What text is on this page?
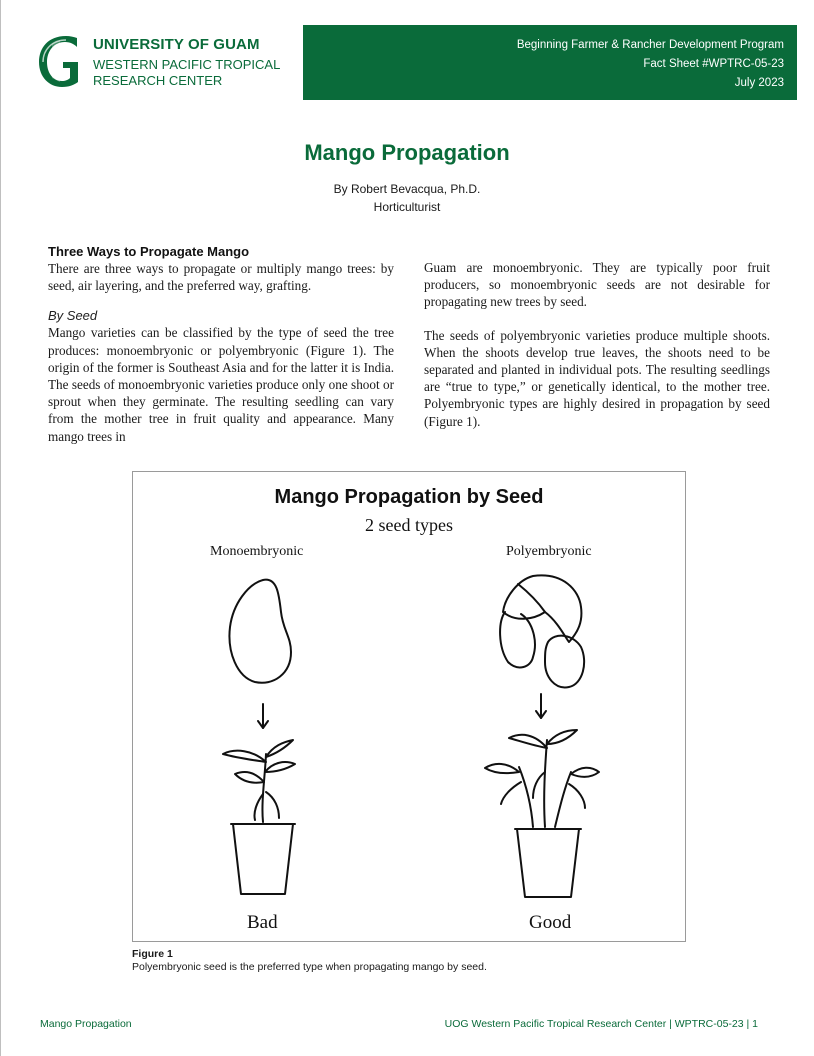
UNIVERSITY OF GUAM
WESTERN PACIFIC TROPICAL
RESEARCH CENTER
Beginning Farmer & Rancher Development Program
Fact Sheet #WPTRC-05-23
July 2023
Mango Propagation
By Robert Bevacqua, Ph.D.
Horticulturist
Three Ways to Propagate Mango

There are three ways to propagate or multiply mango trees: by seed, air layering, and the preferred way, grafting.

By Seed

Mango varieties can be classified by the type of seed the tree produces: monoembryonic or polyembryonic (Figure 1). The origin of the former is Southeast Asia and for the latter it is India. The seeds of monoembryonic varieties produce only one shoot or sprout when they germinate. The resulting seedling can vary from the mother tree in fruit quality and appearance. Many mango trees in

Guam are monoembryonic. They are typically poor fruit producers, so monoembryonic seeds are not desirable for propagating new trees by seed.

The seeds of polyembryonic varieties produce multiple shoots. When the shoots develop true leaves, the shoots need to be separated and planted in individual pots. The resulting seedlings are “true to type,” or genetically identical, to the mother tree. Polyembryonic types are highly desired in propagation by seed (Figure 1).

Mango Propagation by Seed
2 seed types
Monoembryonic	Polyembryonic
Bad	Good
Figure 1
Polyembryonic seed is the preferred type when propagating mango by seed.
Mango Propagation	UOG Western Pacific Tropical Research Center | WPTRC-05-23 | 1
